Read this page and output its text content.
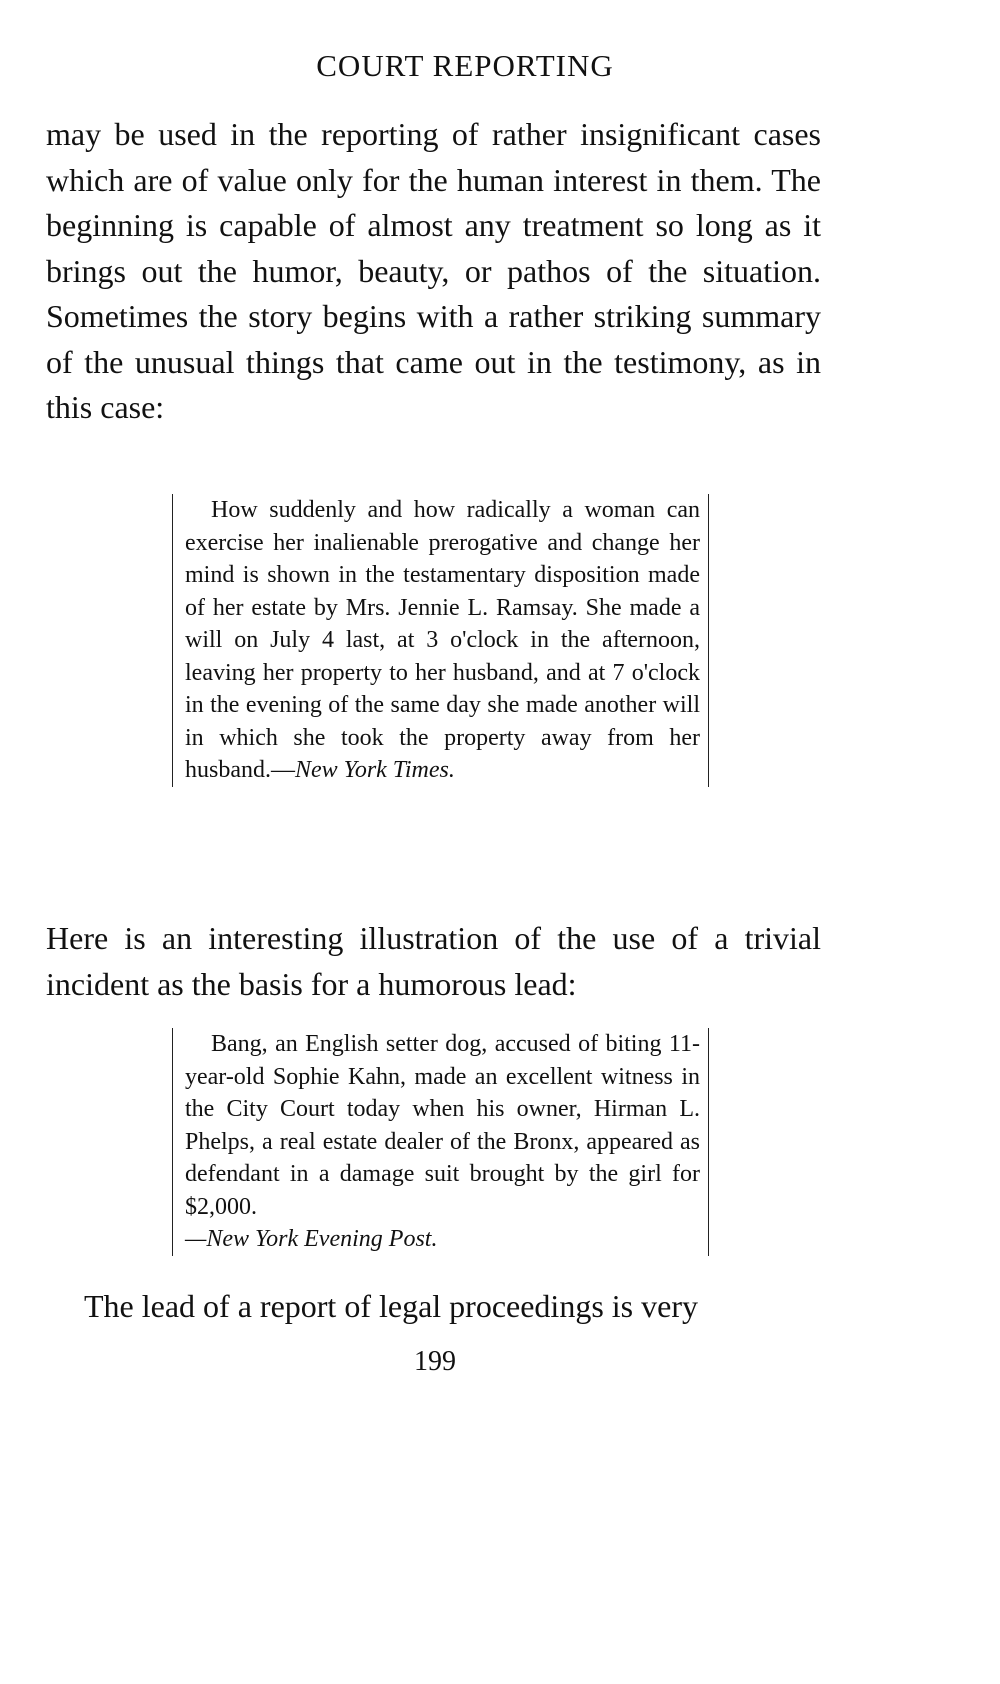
COURT REPORTING

may be used in the reporting of rather insignificant cases which are of value only for the human interest in them. The beginning is capable of almost any treatment so long as it brings out the humor, beauty, or pathos of the situation. Sometimes the story begins with a rather striking summary of the unusual things that came out in the testimony, as in this case:

How suddenly and how radically a woman can exercise her inalienable prerogative and change her mind is shown in the testamentary disposition made of her estate by Mrs. Jennie L. Ramsay. She made a will on July 4 last, at 3 o'clock in the afternoon, leaving her property to her husband, and at 7 o'clock in the evening of the same day she made another will in which she took the property away from her husband.—New York Times.

Here is an interesting illustration of the use of a trivial incident as the basis for a humorous lead:

Bang, an English setter dog, accused of biting 11-year-old Sophie Kahn, made an excellent witness in the City Court today when his owner, Hirman L. Phelps, a real estate dealer of the Bronx, appeared as defendant in a damage suit brought by the girl for $2,000.
—New York Evening Post.

The lead of a report of legal proceedings is very

199
